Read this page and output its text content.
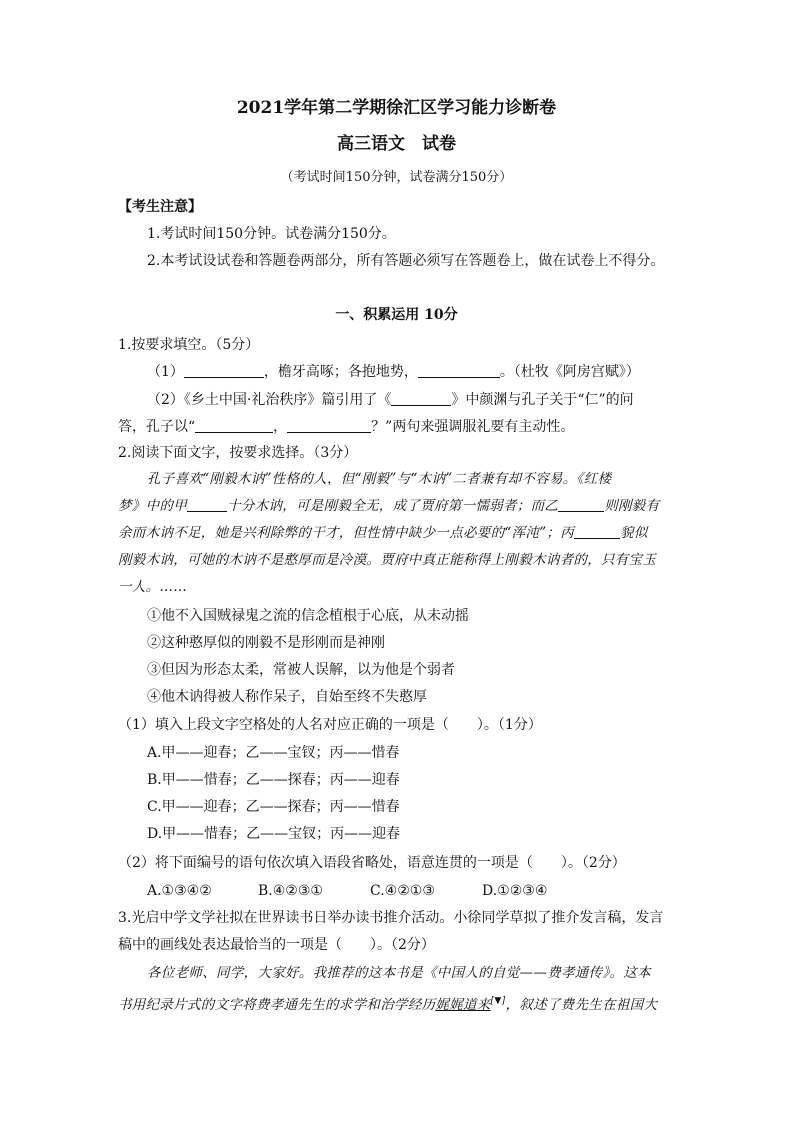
2021学年第二学期徐汇区学习能力诊断卷
高三语文　试卷
（考试时间150分钟，试卷满分150分）
【考生注意】
1.考试时间150分钟。试卷满分150分。
2.本考试设试卷和答题卷两部分，所有答题必须写在答题卷上，做在试卷上不得分。
一、积累运用 10分
1.按要求填空。（5分）
（1）	，檐牙高啄；各抱地势，	。（杜牧《阿房宫赋》）
（2）《乡土中国·礼治秩序》篇引用了《	》中颜渊与孔子关于“仁”的问
答，孔子以“	，	？”两句来强调服礼要有主动性。
2.阅读下面文字，按要求选择。（3分）
孔子喜欢“刚毅木讷”性格的人，但“刚毅”与“木讷”二者兼有却不容易。《红楼
梦》中的甲	十分木讷，可是刚毅全无，成了贾府第一懦弱者；而乙	则刚毅有
余而木讷不足，她是兴利除弊的干才，但性情中缺少一点必要的“浑沌”；丙	貌似
刚毅木讷，可她的木讷不是憨厚而是冷漠。贾府中真正能称得上刚毅木讷者的，只有宝玉
一人。……
①他不入国贼禄鬼之流的信念植根于心底，从未动摇
②这种憨厚似的刚毅不是形刚而是神刚
③但因为形态太柔，常被人误解，以为他是个弱者
④他木讷得被人称作呆子，自始至终不失憨厚
（1）填入上段文字空格处的人名对应正确的一项是（　　）。（1分）
A.甲——迎春；乙——宝钗；丙——惜春
B.甲——惜春；乙——探春；丙——迎春
C.甲——迎春；乙——探春；丙——惜春
D.甲——惜春；乙——宝钗；丙——迎春
（2）将下面编号的语句依次填入语段省略处，语意连贯的一项是（　　）。（2分）
A.①③④②	B.④②③①	C.④②①③	D.①②③④
3.光启中学文学社拟在世界读书日举办读书推介活动。小徐同学草拟了推介发言稿，发言
稿中的画线处表达最恰当的一项是（　　）。（2分）
各位老师、同学，大家好。我推荐的这本书是《中国人的自觉——费孝通传》。这本
书用纪录片式的文字将费孝通先生的求学和治学经历娓娓道来[▼]，叙述了费先生在祖国大
